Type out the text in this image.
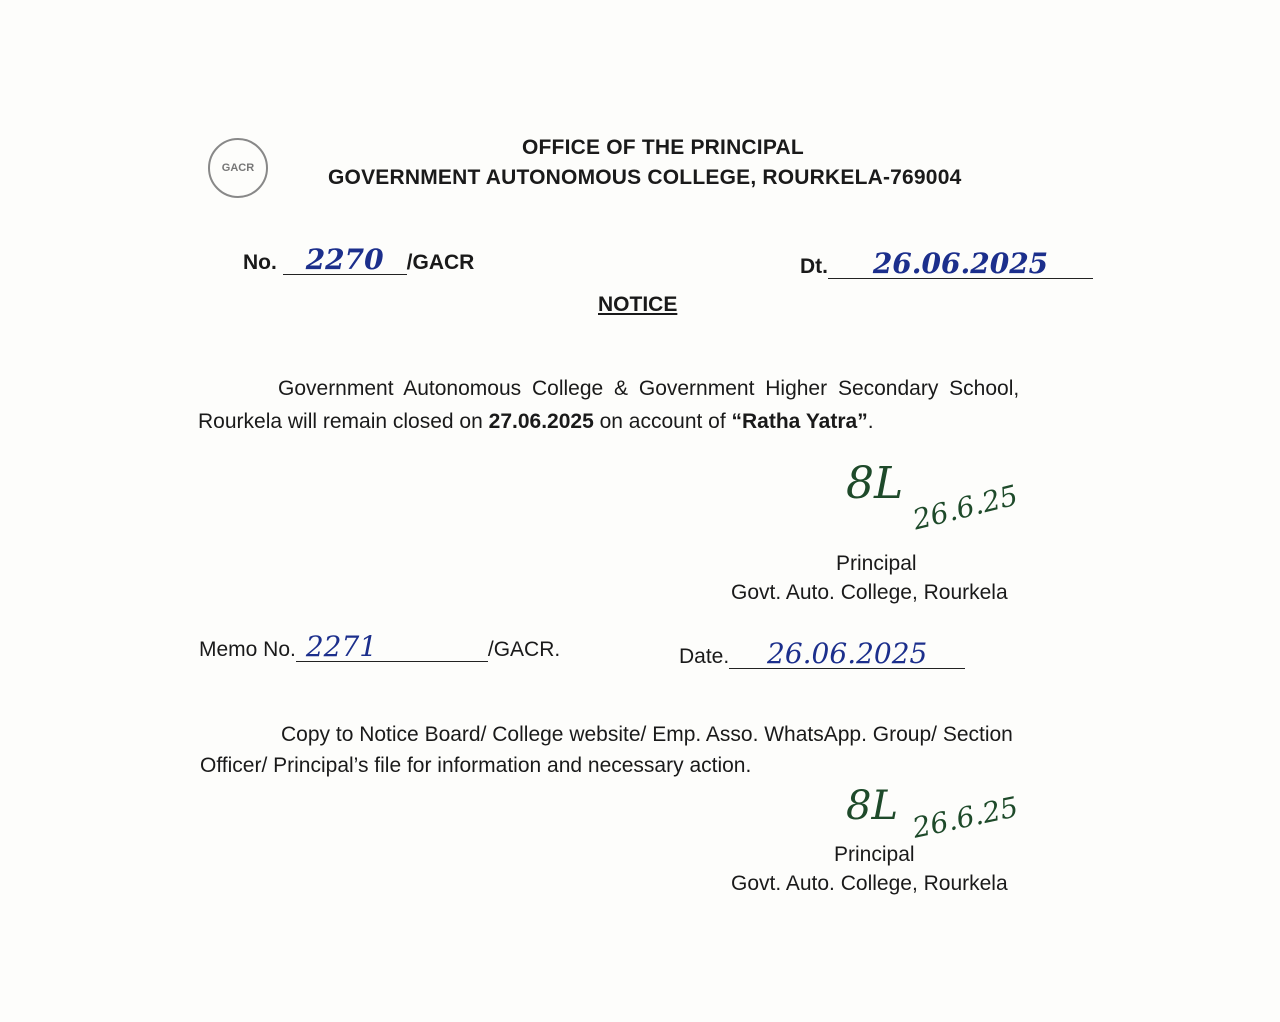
GACR
OFFICE OF THE PRINCIPAL
GOVERNMENT AUTONOMOUS COLLEGE, ROURKELA-769004
No. 2270 /GACR	Dt. 26.06.2025
NOTICE
Government Autonomous College & Government Higher Secondary School,
Rourkela will remain closed on 27.06.2025 on account of “Ratha Yatra”.
8L 26.6.25
Principal
Govt. Auto. College, Rourkela
Memo No. 2271	/GACR.	Date. 26.06.2025
Copy to Notice Board/ College website/ Emp. Asso. WhatsApp. Group/ Section
Officer/ Principal’s file for information and necessary action.
8L 26.6.25
Principal
Govt. Auto. College, Rourkela
